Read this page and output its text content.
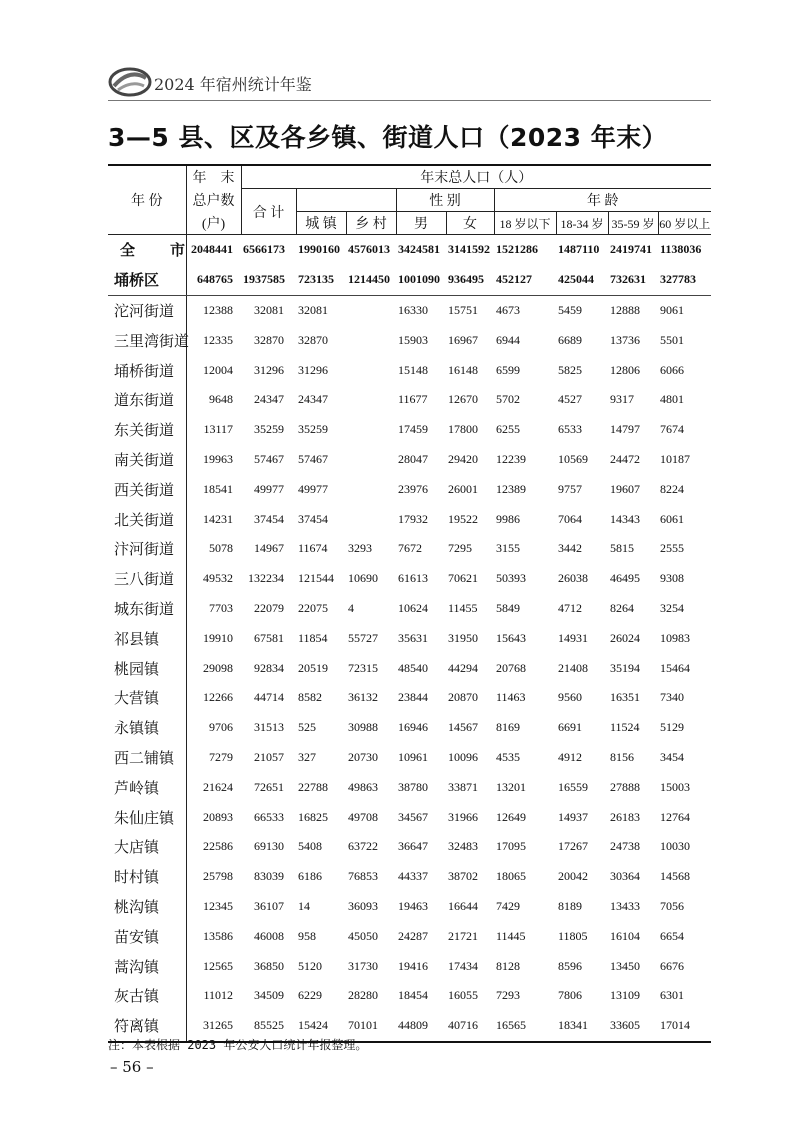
2024 年宿州统计年鉴
3—5 县、区及各乡镇、街道人口（2023 年末）
年 份	年　末	年末总人口（人）								
	总户数	合 计			性 别		年 龄			
	(户)		城 镇	乡 村	男	女	18 岁以下	18-34 岁	35-59 岁	60 岁以上
全　市	2048441	6566173	1990160	4576013	3424581	3141592	1521286	1487110	2419741	1138036
埇桥区	648765	1937585	723135	1214450	1001090	936495	452127	425044	732631	327783
沱河街道	12388	32081	32081		16330	15751	4673	5459	12888	9061
三里湾街道	12335	32870	32870		15903	16967	6944	6689	13736	5501
埇桥街道	12004	31296	31296		15148	16148	6599	5825	12806	6066
道东街道	9648	24347	24347		11677	12670	5702	4527	9317	4801
东关街道	13117	35259	35259		17459	17800	6255	6533	14797	7674
南关街道	19963	57467	57467		28047	29420	12239	10569	24472	10187
西关街道	18541	49977	49977		23976	26001	12389	9757	19607	8224
北关街道	14231	37454	37454		17932	19522	9986	7064	14343	6061
汴河街道	5078	14967	11674	3293	7672	7295	3155	3442	5815	2555
三八街道	49532	132234	121544	10690	61613	70621	50393	26038	46495	9308
城东街道	7703	22079	22075	4	10624	11455	5849	4712	8264	3254
祁县镇	19910	67581	11854	55727	35631	31950	15643	14931	26024	10983
桃园镇	29098	92834	20519	72315	48540	44294	20768	21408	35194	15464
大营镇	12266	44714	8582	36132	23844	20870	11463	9560	16351	7340
永镇镇	9706	31513	525	30988	16946	14567	8169	6691	11524	5129
西二铺镇	7279	21057	327	20730	10961	10096	4535	4912	8156	3454
芦岭镇	21624	72651	22788	49863	38780	33871	13201	16559	27888	15003
朱仙庄镇	20893	66533	16825	49708	34567	31966	12649	14937	26183	12764
大店镇	22586	69130	5408	63722	36647	32483	17095	17267	24738	10030
时村镇	25798	83039	6186	76853	44337	38702	18065	20042	30364	14568
桃沟镇	12345	36107	14	36093	19463	16644	7429	8189	13433	7056
苗安镇	13586	46008	958	45050	24287	21721	11445	11805	16104	6654
蒿沟镇	12565	36850	5120	31730	19416	17434	8128	8596	13450	6676
灰古镇	11012	34509	6229	28280	18454	16055	7293	7806	13109	6301
符离镇	31265	85525	15424	70101	44809	40716	16565	18341	33605	17014
注：本表根据 2023 年公安人口统计年报整理。
– 56 –
